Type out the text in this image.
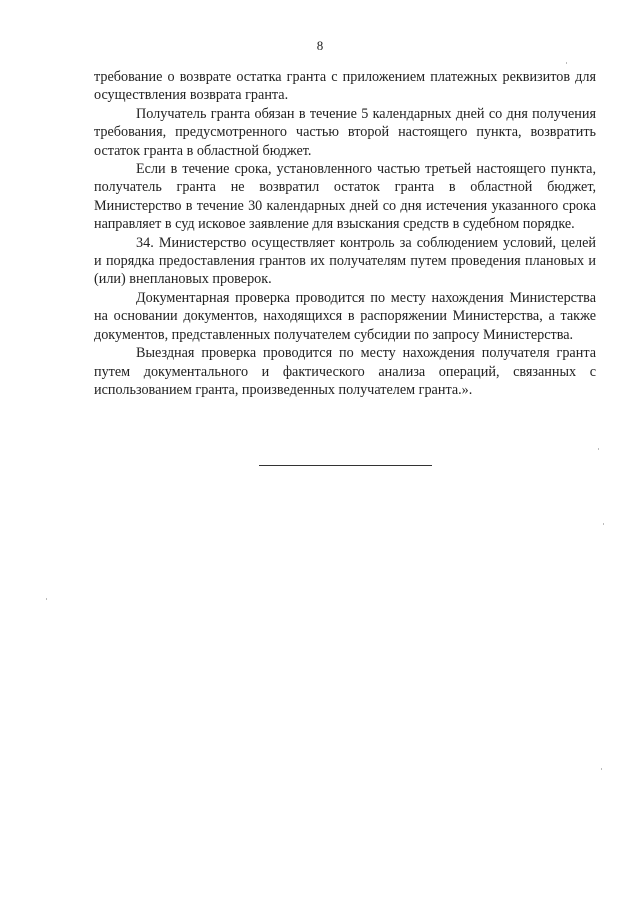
8

требование о возврате остатка гранта с приложением платежных реквизитов для осуществления возврата гранта.

Получатель гранта обязан в течение 5 календарных дней со дня получения требования, предусмотренного частью второй настоящего пункта, возвратить остаток гранта в областной бюджет.

Если в течение срока, установленного частью третьей настоящего пункта, получатель гранта не возвратил остаток гранта в областной бюджет, Министерство в течение 30 календарных дней со дня истечения указанного срока направляет в суд исковое заявление для взыскания средств в судебном порядке.

34. Министерство осуществляет контроль за соблюдением условий, целей и порядка предоставления грантов их получателям путем проведения плановых и (или) внеплановых проверок.

Документарная проверка проводится по месту нахождения Министерства на основании документов, находящихся в распоряжении Министерства, а также документов, представленных получателем субсидии по запросу Министерства.

Выездная проверка проводится по месту нахождения получателя гранта путем документального и фактического анализа операций, связанных с использованием гранта, произведенных получателем гранта.».
